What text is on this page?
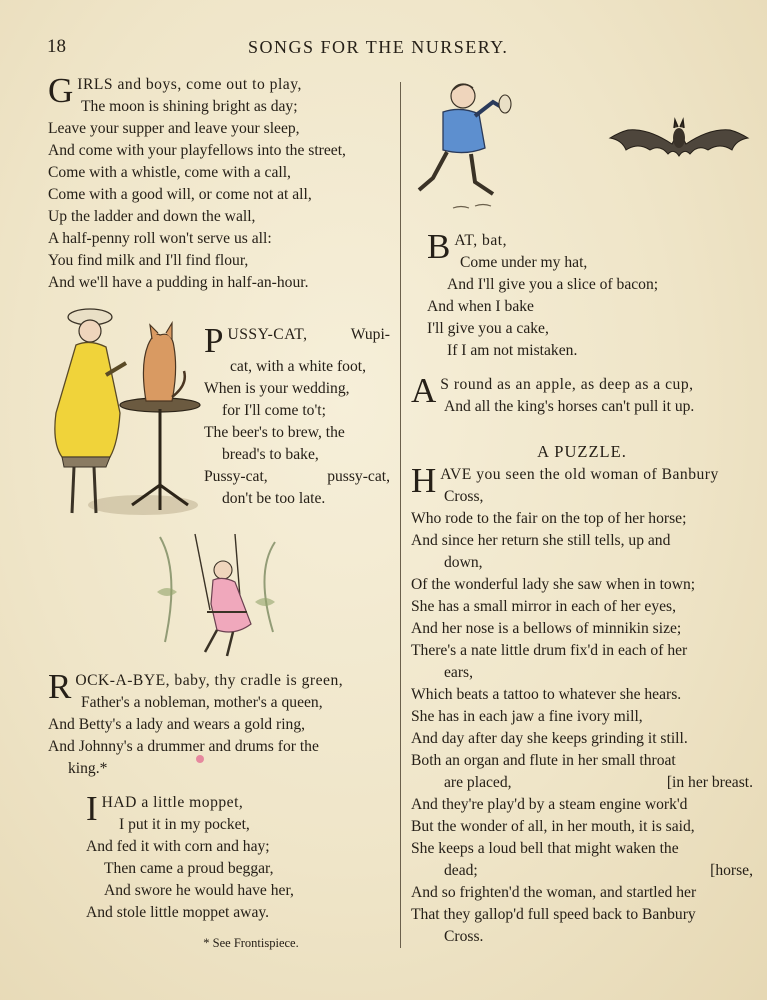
18	SONGS FOR THE NURSERY.
GIRLS and boys, come out to play,
The moon is shining bright as day;
Leave your supper and leave your sleep,
And come with your playfellows into the street,
Come with a whistle, come with a call,
Come with a good will, or come not at all,
Up the ladder and down the wall,
A half-penny roll won't serve us all:
You find milk and I'll find flour,
And we'll have a pudding in half-an-hour.
PUSSY-CAT,	Wupi-
cat, with a white foot,
When is your wedding,
for I'll come to't;
The beer's to brew, the
bread's to bake,
Pussy-cat,	pussy-cat,
don't be too late.
ROCK-A-BYE, baby, thy cradle is green,
Father's a nobleman, mother's a queen,
And Betty's a lady and wears a gold ring,
And Johnny's a drummer and drums for the
king.*
IHAD a little moppet,
I put it in my pocket,
And fed it with corn and hay;
Then came a proud beggar,
And swore he would have her,
And stole little moppet away.
* See Frontispiece.
BAT, bat,
Come under my hat,
And I'll give you a slice of bacon;
And when I bake
I'll give you a cake,
If I am not mistaken.
A S round as an apple, as deep as a cup,
And all the king's horses can't pull it up.
A PUZZLE.
HAVE you seen the old woman of Banbury
Cross,
Who rode to the fair on the top of her horse;
And since her return she still tells, up and
down,
Of the wonderful lady she saw when in town;
She has a small mirror in each of her eyes,
And her nose is a bellows of minnikin size;
There's a nate little drum fix'd in each of her
ears,
Which beats a tattoo to whatever she hears.
She has in each jaw a fine ivory mill,
And day after day she keeps grinding it still.
Both an organ and flute in her small throat
are placed,	[in her breast.
And they're play'd by a steam engine work'd
But the wonder of all, in her mouth, it is said,
She keeps a loud bell that might waken the
dead;	[horse,
And so frighten'd the woman, and startled her
That they gallop'd full speed back to Banbury
Cross.
